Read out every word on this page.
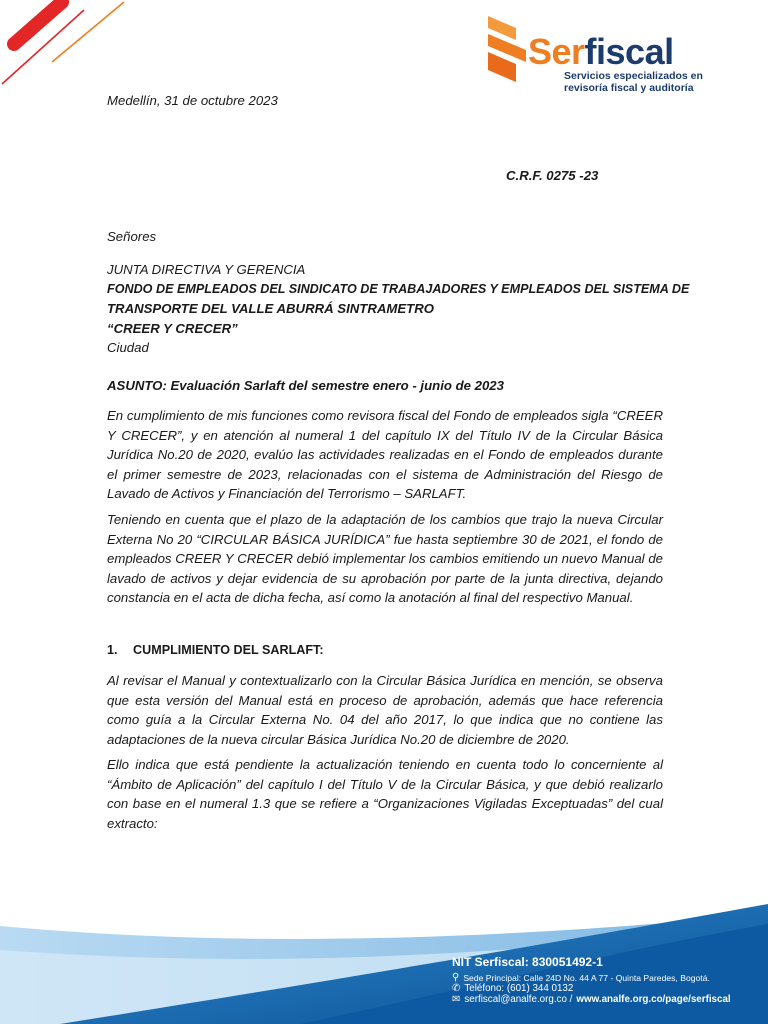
Serfiscal
Servicios especializados en
revisoría fiscal y auditoría
Medellín, 31 de octubre 2023
C.R.F. 0275 -23
Señores
JUNTA DIRECTIVA Y GERENCIA
FONDO DE EMPLEADOS DEL SINDICATO DE TRABAJADORES Y EMPLEADOS DEL SISTEMA DE
TRANSPORTE DEL VALLE ABURRÁ SINTRAMETRO
“CREER Y CRECER”
Ciudad
ASUNTO: Evaluación Sarlaft del semestre enero - junio de 2023

En cumplimiento de mis funciones como revisora fiscal del Fondo de empleados sigla “CREER Y CRECER”, y en atención al numeral 1 del capítulo IX del Título IV de la Circular Básica Jurídica No.20 de 2020, evalúo las actividades realizadas en el Fondo de empleados durante el primer semestre de 2023, relacionadas con el sistema de Administración del Riesgo de Lavado de Activos y Financiación del Terrorismo – SARLAFT.

Teniendo en cuenta que el plazo de la adaptación de los cambios que trajo la nueva Circular Externa No 20 “CIRCULAR BÁSICA JURÍDICA” fue hasta septiembre 30 de 2021, el fondo de empleados CREER Y CRECER debió implementar los cambios emitiendo un nuevo Manual de lavado de activos y dejar evidencia de su aprobación por parte de la junta directiva, dejando constancia en el acta de dicha fecha, así como la anotación al final del respectivo Manual.

1. CUMPLIMIENTO DEL SARLAFT:

Al revisar el Manual y contextualizarlo con la Circular Básica Jurídica en mención, se observa que esta versión del Manual está en proceso de aprobación, además que hace referencia como guía a la Circular Externa No. 04 del año 2017, lo que indica que no contiene las adaptaciones de la nueva circular Básica Jurídica No.20 de diciembre de 2020.

Ello indica que está pendiente la actualización teniendo en cuenta todo lo concerniente al “Ámbito de Aplicación” del capítulo I del Título V de la Circular Básica, y que debió realizarlo con base en el numeral 1.3 que se refiere a “Organizaciones Vigiladas Exceptuadas” del cual extracto:

NIT Serfiscal: 830051492-1
⚲ Sede Principal: Calle 24D No. 44 A 77 - Quinta Paredes, Bogotá.
✆ Teléfono: (601) 344 0132
✉ serfiscal@analfe.org.co / www.analfe.org.co/page/serfiscal
